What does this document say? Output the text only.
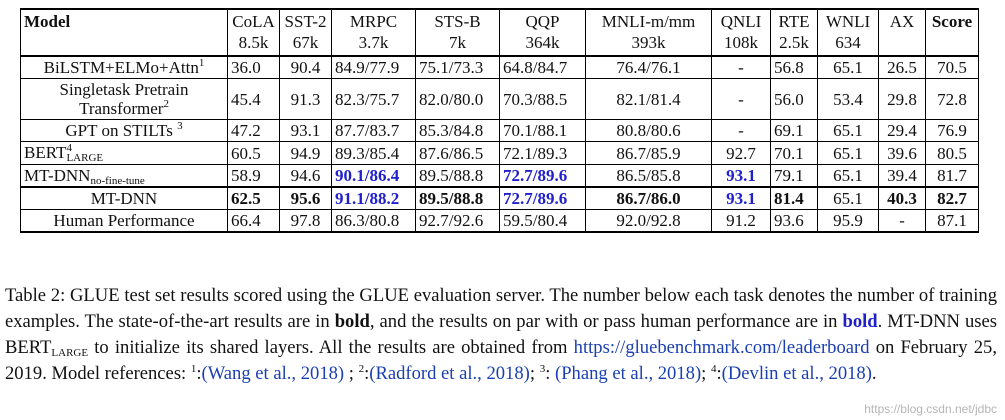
Model	CoLA	SST-2	MRPC	STS-B	QQP	MNLI-m/mm	QNLI	RTE	WNLI	AX	Score
	8.5k	67k	3.7k	7k	364k	393k	108k	2.5k	634		
BiLSTM+ELMo+Attn$^1$	36.0	90.4	84.9/77.9	75.1/73.3	64.8/84.7	76.4/76.1	-	56.8	65.1	26.5	70.5
Singletask Pretrain
Transformer$^2$	45.4	91.3	82.3/75.7	82.0/80.0	70.3/88.5	82.1/81.4	-	56.0	53.4	29.8	72.8
GPT on STILTs $^3$	47.2	93.1	87.7/83.7	85.3/84.8	70.1/88.1	80.8/80.6	-	69.1	65.1	29.4	76.9
BERT 4
LARGE	60.5	94.9	89.3/85.4	87.6/86.5	72.1/89.3	86.7/85.9	92.7	70.1	65.1	39.6	80.5
$MT-DNN_{no-fine-tune}$	58.9	94.6	90.1/86.4	89.5/88.8	72.7/89.6	86.5/85.8	93.1	79.1	65.1	39.4	81.7
MT-DNN	62.5	95.6	91.1/88.2	89.5/88.8	72.7/89.6	86.7/86.0	93.1	81.4	65.1	40.3	82.7
Human Performance	66.4	97.8	86.3/80.8	92.7/92.6	59.5/80.4	92.0/92.8	91.2	93.6	95.9	-	87.1

Table 2: GLUE test set results scored using the GLUE evaluation server. The number below each task denotes the number of training examples. The state-of-the-art results are in bold, and the results on par with or pass human performance are in bold. MT-DNN uses $BERT_{LARGE}$ to initialize its shared layers. All the results are obtained from https://gluebenchmark.com/leaderboard on February 25, 2019. Model references: $^1$:(Wang et al., 2018) ; $^2$:(Radford et al., 2018); $^3$: (Phang et al., 2018); $^4$:(Devlin et al., 2018).

https://blog.csdn.net/jdbc
